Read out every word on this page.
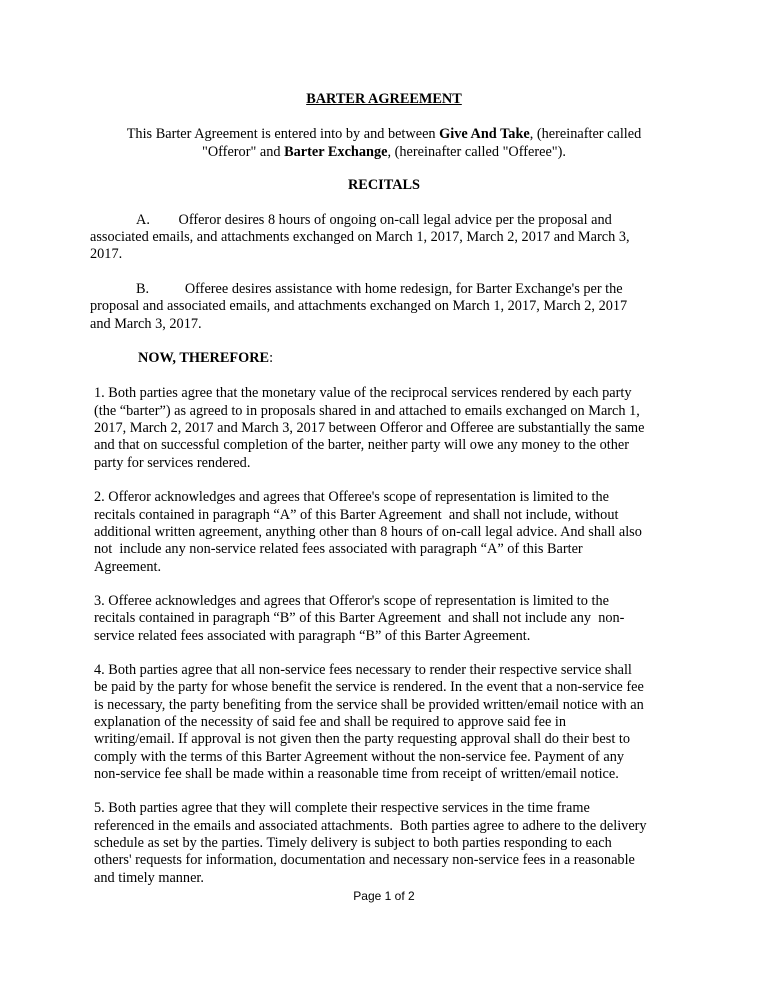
BARTER AGREEMENT
This Barter Agreement is entered into by and between Give And Take, (hereinafter called
"Offeror" and Barter Exchange, (hereinafter called "Offeree").
RECITALS
A.        Offeror desires 8 hours of ongoing on-call legal advice per the proposal and
associated emails, and attachments exchanged on March 1, 2017, March 2, 2017 and March 3,
2017.
B.          Offeree desires assistance with home redesign, for Barter Exchange's per the
proposal and associated emails, and attachments exchanged on March 1, 2017, March 2, 2017
and March 3, 2017.
NOW, THEREFORE:
1. Both parties agree that the monetary value of the reciprocal services rendered by each party
(the “barter”) as agreed to in proposals shared in and attached to emails exchanged on March 1,
2017, March 2, 2017 and March 3, 2017 between Offeror and Offeree are substantially the same
and that on successful completion of the barter, neither party will owe any money to the other
party for services rendered.
2. Offeror acknowledges and agrees that Offeree's scope of representation is limited to the
recitals contained in paragraph “A” of this Barter Agreement  and shall not include, without
additional written agreement, anything other than 8 hours of on-call legal advice. And shall also
not  include any non-service related fees associated with paragraph “A” of this Barter
Agreement.
3. Offeree acknowledges and agrees that Offeror's scope of representation is limited to the
recitals contained in paragraph “B” of this Barter Agreement  and shall not include any  non-
service related fees associated with paragraph “B” of this Barter Agreement.
4. Both parties agree that all non-service fees necessary to render their respective service shall
be paid by the party for whose benefit the service is rendered. In the event that a non-service fee
is necessary, the party benefiting from the service shall be provided written/email notice with an
explanation of the necessity of said fee and shall be required to approve said fee in
writing/email. If approval is not given then the party requesting approval shall do their best to
comply with the terms of this Barter Agreement without the non-service fee. Payment of any
non-service fee shall be made within a reasonable time from receipt of written/email notice.
5. Both parties agree that they will complete their respective services in the time frame
referenced in the emails and associated attachments.  Both parties agree to adhere to the delivery
schedule as set by the parties. Timely delivery is subject to both parties responding to each
others' requests for information, documentation and necessary non-service fees in a reasonable
and timely manner.
Page 1 of 2
